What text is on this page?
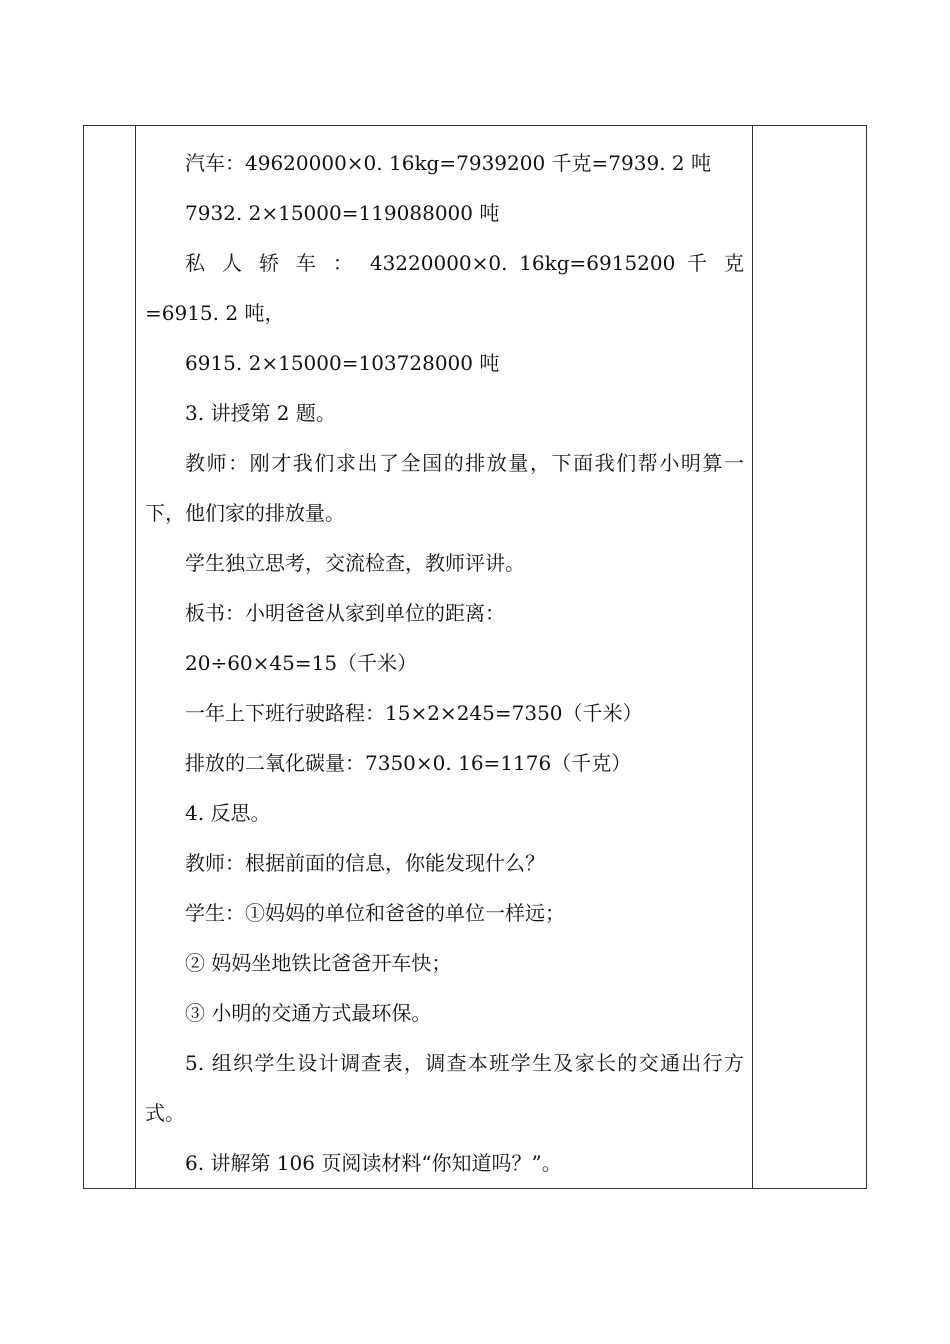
汽车：49620000×0. 16kg=7939200 千克=7939. 2 吨

7932. 2×15000=119088000 吨

私 人 轿 车 ： 43220000×0. 16kg=6915200 千 克 =6915. 2 吨，

6915. 2×15000=103728000 吨

3. 讲授第 2 题。

教师：刚才我们求出了全国的排放量，下面我们帮小明算一下，他们家的排放量。

学生独立思考，交流检查，教师评讲。

板书：小明爸爸从家到单位的距离：

20÷60×45=15（千米）

一年上下班行驶路程：15×2×245=7350（千米）

排放的二氧化碳量：7350×0. 16=1176（千克）

4. 反思。

教师：根据前面的信息，你能发现什么？

学生：①妈妈的单位和爸爸的单位一样远；

② 妈妈坐地铁比爸爸开车快；

③ 小明的交通方式最环保。

5. 组织学生设计调查表，调查本班学生及家长的交通出行方式。

6. 讲解第 106 页阅读材料“你知道吗？”。
